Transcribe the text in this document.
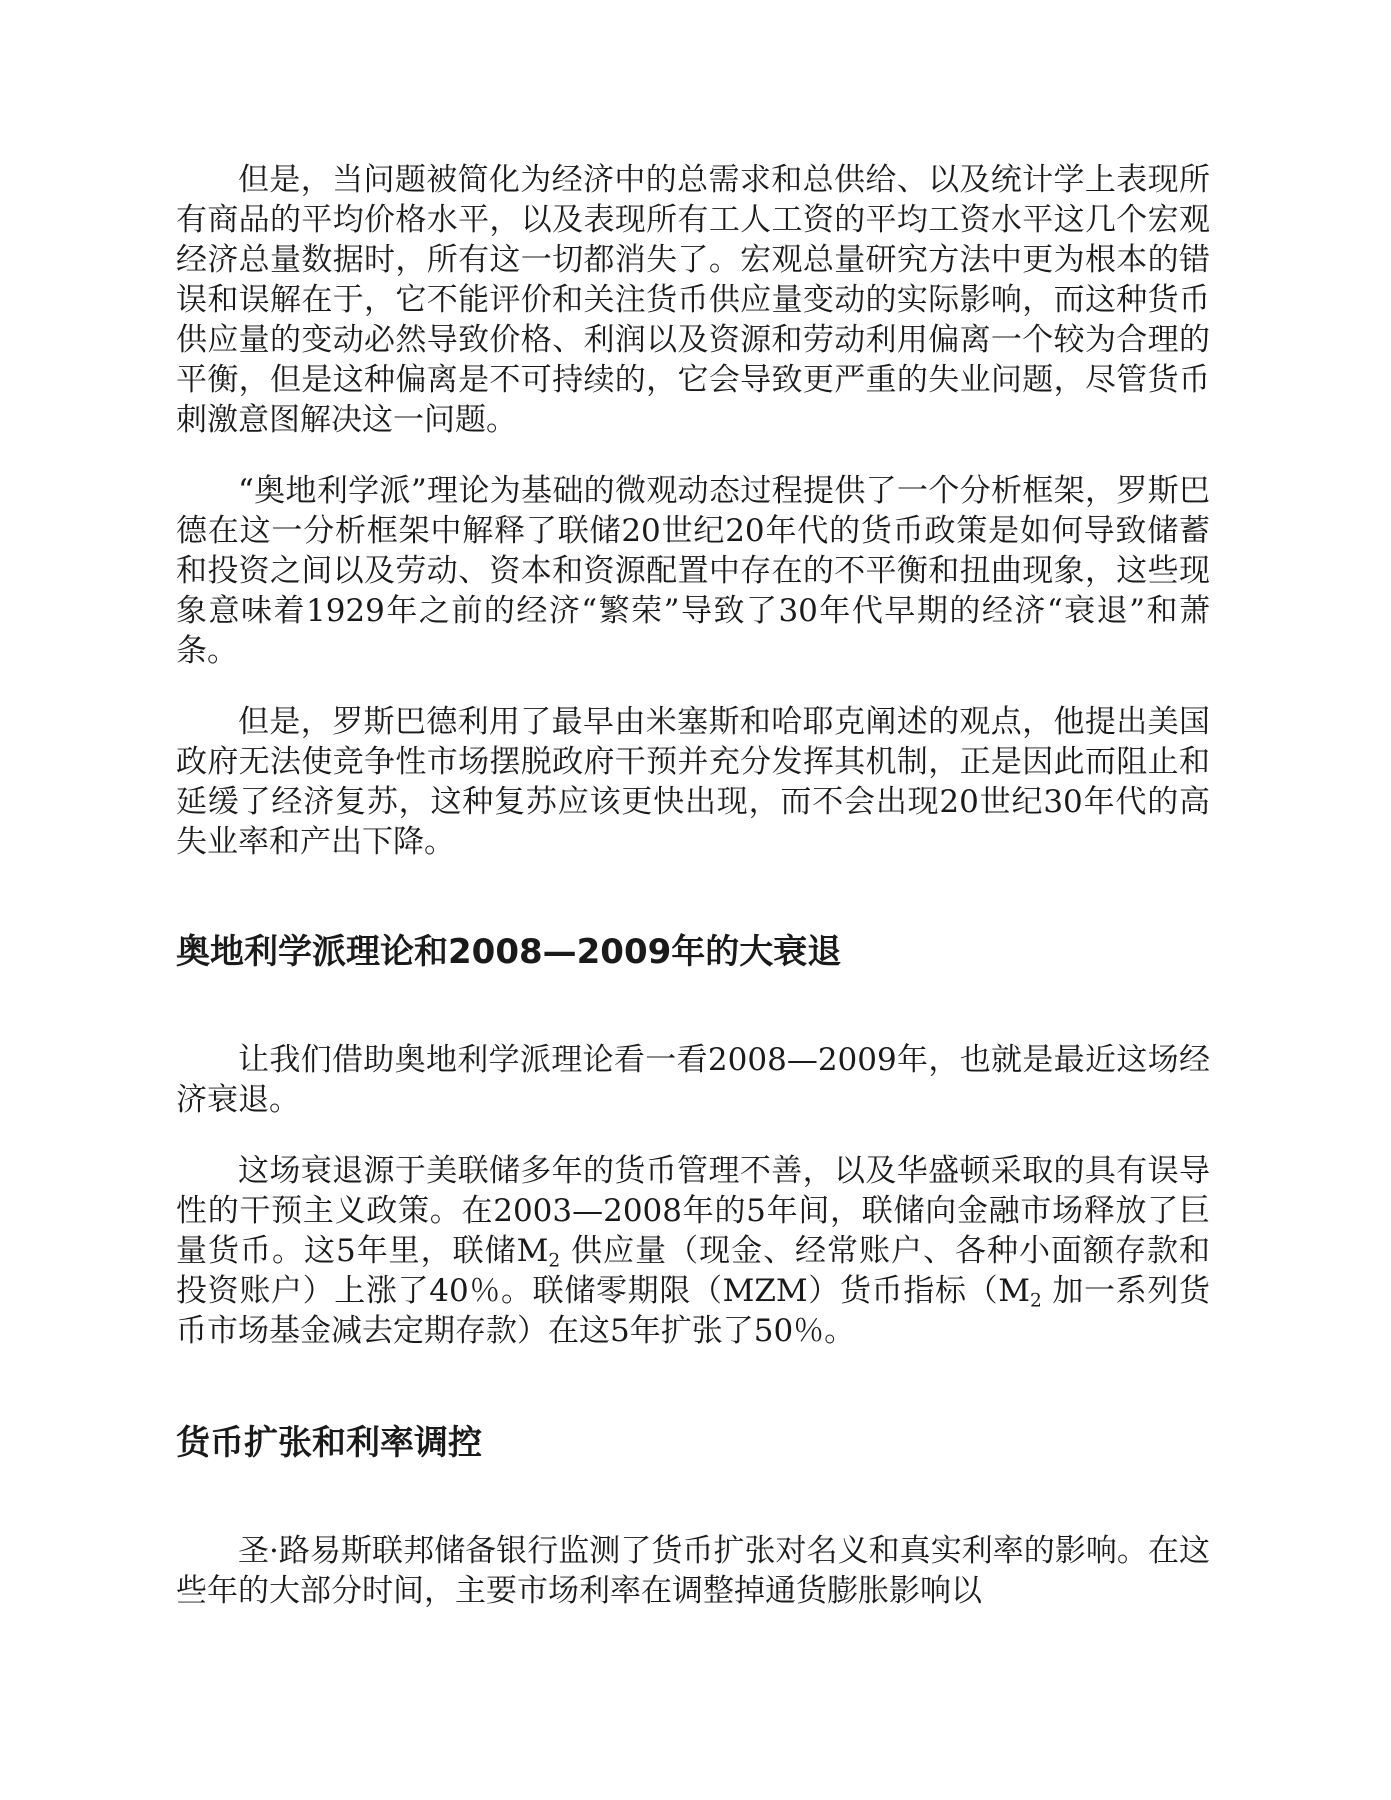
但是，当问题被简化为经济中的总需求和总供给、以及统计学上表现所有商品的平均价格水平，以及表现所有工人工资的平均工资水平这几个宏观经济总量数据时，所有这一切都消失了。宏观总量研究方法中更为根本的错误和误解在于，它不能评价和关注货币供应量变动的实际影响，而这种货币供应量的变动必然导致价格、利润以及资源和劳动利用偏离一个较为合理的平衡，但是这种偏离是不可持续的，它会导致更严重的失业问题，尽管货币刺激意图解决这一问题。

“奥地利学派”理论为基础的微观动态过程提供了一个分析框架，罗斯巴德在这一分析框架中解释了联储20世纪20年代的货币政策是如何导致储蓄和投资之间以及劳动、资本和资源配置中存在的不平衡和扭曲现象，这些现象意味着1929年之前的经济“繁荣”导致了30年代早期的经济“衰退”和萧条。

但是，罗斯巴德利用了最早由米塞斯和哈耶克阐述的观点，他提出美国政府无法使竞争性市场摆脱政府干预并充分发挥其机制，正是因此而阻止和延缓了经济复苏，这种复苏应该更快出现，而不会出现20世纪30年代的高失业率和产出下降。

奥地利学派理论和2008—2009年的大衰退

让我们借助奥地利学派理论看一看2008—2009年，也就是最近这场经济衰退。

这场衰退源于美联储多年的货币管理不善，以及华盛顿采取的具有误导性的干预主义政策。在2003—2008年的5年间，联储向金融市场释放了巨量货币。这5年里，联储$M_2$ 供应量（现金、经常账户、各种小面额存款和投资账户）上涨了40％。联储零期限（MZM）货币指标（$M_2$ 加一系列货币市场基金减去定期存款）在这5年扩张了50％。

货币扩张和利率调控

圣·路易斯联邦储备银行监测了货币扩张对名义和真实利率的影响。在这些年的大部分时间，主要市场利率在调整掉通货膨胀影响以
